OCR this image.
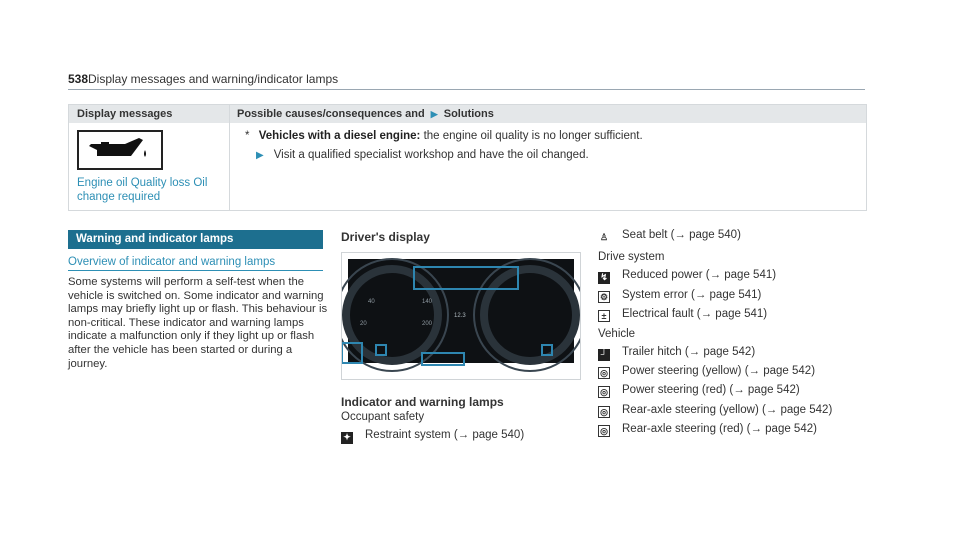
538 Display messages and warning/indicator lamps
Display messages	Possible causes/consequences and ▶ Solutions
Engine oil Quality loss Oil change required
* Vehicles with a diesel engine: the engine oil quality is no longer sufficient.
▶ Visit a qualified specialist workshop and have the oil changed.
Warning and indicator lamps
Overview of indicator and warning lamps
Some systems will perform a self-test when the vehicle is switched on. Some indicator and warning lamps may briefly light up or flash. This behaviour is non-critical. These indicator and warning lamps indicate a malfunction only if they light up or flash after the vehicle has been started or during a journey.
Driver's display
40
20
140
200
12.3
Indicator and warning lamps
Occupant safety
✦ Restraint system (→ page 540)
♙ Seat belt (→ page 540)
Drive system
↯ Reduced power (→ page 541)
⚙ System error (→ page 541)
± Electrical fault (→ page 541)
Vehicle
┘ Trailer hitch (→ page 542)
◎ Power steering (yellow) (→ page 542)
◎ Power steering (red) (→ page 542)
◎ Rear-axle steering (yellow) (→ page 542)
◎ Rear-axle steering (red) (→ page 542)
